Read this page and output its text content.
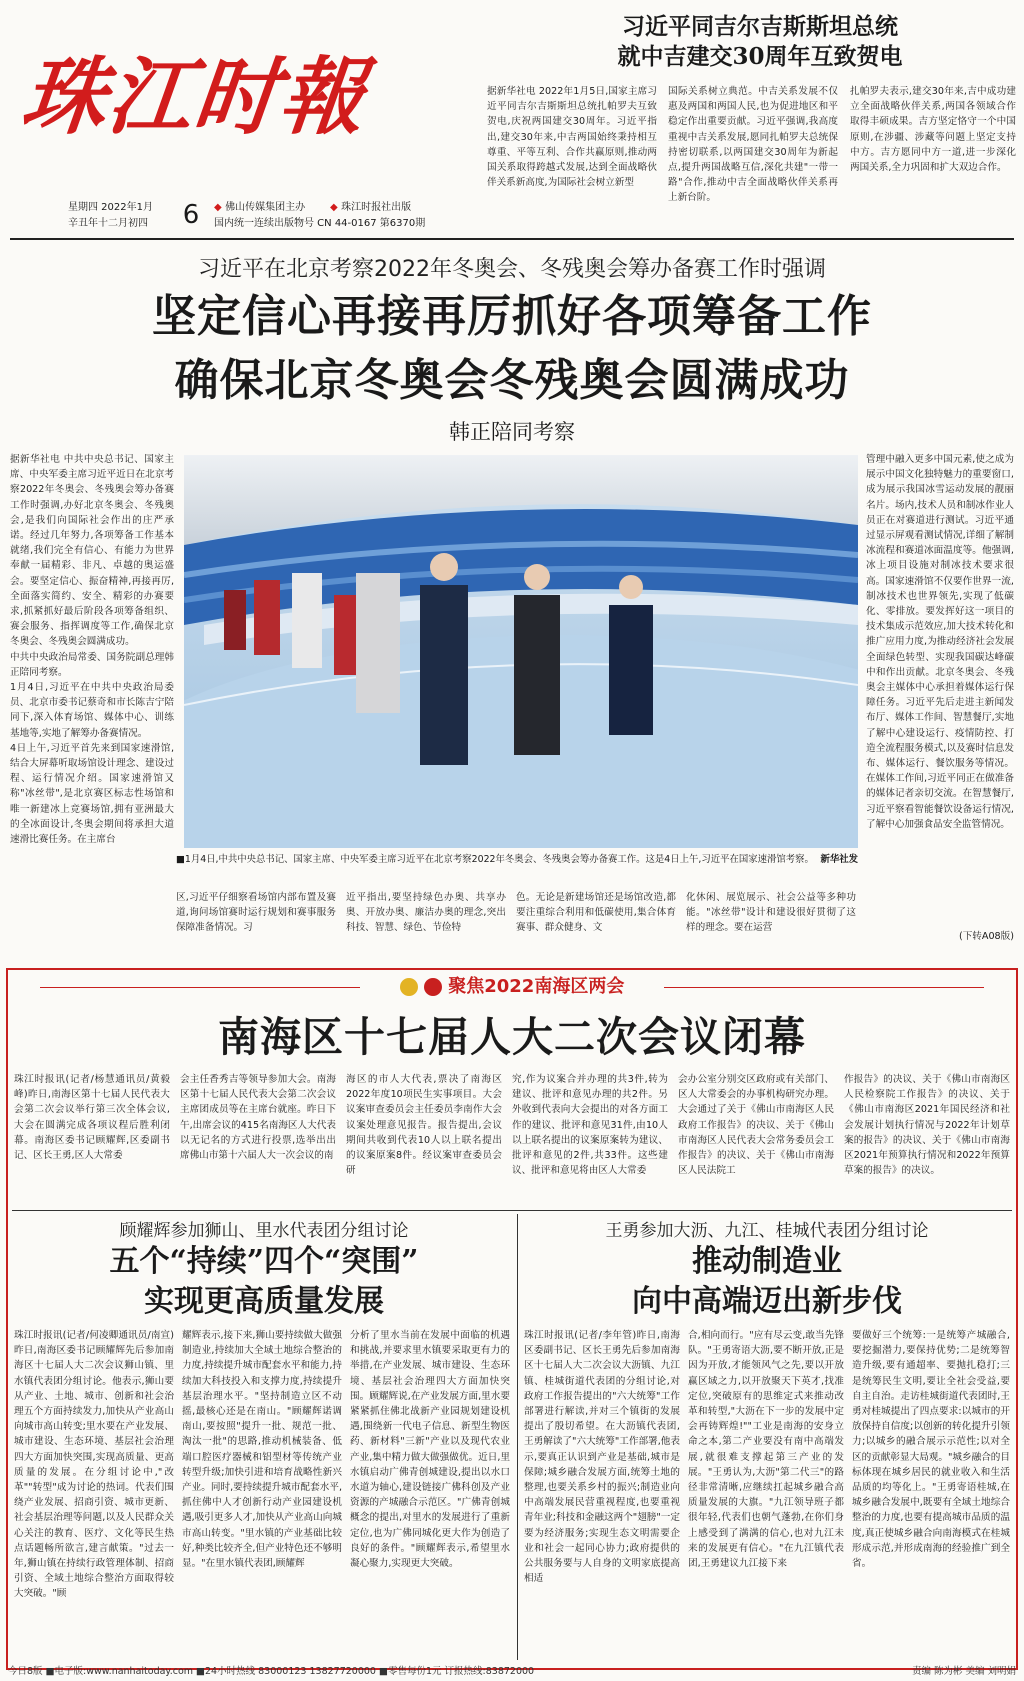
珠江时報
星期四 2022年1月
辛丑年十二月初四	6	◆ 佛山传媒集团主办	◆ 珠江时报社出版
国内统一连续出版物号 CN 44-0167 第6370期
习近平同吉尔吉斯斯坦总统
就中吉建交30周年互致贺电
据新华社电 2022年1月5日,国家主席习近平同吉尔吉斯斯坦总统扎帕罗夫互致贺电,庆祝两国建交30周年。习近平指出,建交30年来,中吉两国始终秉持相互尊重、平等互利、合作共赢原则,推动两国关系取得跨越式发展,达到全面战略伙伴关系新高度,为国际社会树立新型
国际关系树立典范。中吉关系发展不仅惠及两国和两国人民,也为促进地区和平稳定作出重要贡献。习近平强调,我高度重视中吉关系发展,愿同扎帕罗夫总统保持密切联系,以两国建交30周年为新起点,提升两国战略互信,深化共建"一带一路"合作,推动中吉全面战略伙伴关系再上新台阶。
扎帕罗夫表示,建交30年来,吉中成功建立全面战略伙伴关系,两国各领域合作取得丰硕成果。吉方坚定恪守一个中国原则,在涉疆、涉藏等问题上坚定支持中方。吉方愿同中方一道,进一步深化两国关系,全力巩固和扩大双边合作。
习近平在北京考察2022年冬奥会、冬残奥会筹办备赛工作时强调
坚定信心再接再厉抓好各项筹备工作
确保北京冬奥会冬残奥会圆满成功
韩正陪同考察
据新华社电 中共中央总书记、国家主席、中央军委主席习近平近日在北京考察2022年冬奥会、冬残奥会筹办备赛工作时强调,办好北京冬奥会、冬残奥会,是我们向国际社会作出的庄严承诺。经过几年努力,各项筹备工作基本就绪,我们完全有信心、有能力为世界奉献一届精彩、非凡、卓越的奥运盛会。要坚定信心、振奋精神,再接再厉,全面落实简约、安全、精彩的办赛要求,抓紧抓好最后阶段各项筹备组织、赛会服务、指挥调度等工作,确保北京冬奥会、冬残奥会圆满成功。
中共中央政治局常委、国务院副总理韩正陪同考察。
1月4日,习近平在中共中央政治局委员、北京市委书记蔡奇和市长陈吉宁陪同下,深入体育场馆、媒体中心、训练基地等,实地了解筹办备赛情况。
4日上午,习近平首先来到国家速滑馆,结合大屏幕听取场馆设计理念、建设过程、运行情况介绍。国家速滑馆又称"冰丝带",是北京赛区标志性场馆和唯一新建冰上竞赛场馆,拥有亚洲最大的全冰面设计,冬奥会期间将承担大道速滑比赛任务。在主席台
■1月4日,中共中央总书记、国家主席、中央军委主席习近平在北京考察2022年冬奥会、冬残奥会筹办备赛工作。这是4日上午,习近平在国家速滑馆考察。 新华社发
区,习近平仔细察看场馆内部布置及赛道,询问场馆赛时运行规划和赛事服务保障准备情况。习
近平指出,要坚持绿色办奥、共享办奥、开放办奥、廉洁办奥的理念,突出科技、智慧、绿色、节俭特
色。无论是新建场馆还是场馆改造,都要注重综合利用和低碳使用,集合体育赛事、群众健身、文
化休闲、展览展示、社会公益等多种功能。"冰丝带"设计和建设很好贯彻了这样的理念。要在运营
管理中融入更多中国元素,使之成为展示中国文化独特魅力的重要窗口,成为展示我国冰雪运动发展的靓丽名片。场内,技术人员和制冰作业人员正在对赛道进行测试。习近平通过显示屏观看测试情况,详细了解制冰流程和赛道冰面温度等。他强调,冰上项目设施对制冰技术要求很高。国家速滑馆不仅要作世界一流,制冰技术也世界领先,实现了低碳化、零排放。要发挥好这一项目的技术集成示范效应,加大技术转化和推广应用力度,为推动经济社会发展全面绿色转型、实现我国碳达峰碳中和作出贡献。北京冬奥会、冬残奥会主媒体中心承担着媒体运行保障任务。习近平先后走进主新闻发布厅、媒体工作间、智慧餐厅,实地了解中心建设运行、疫情防控、打造全流程服务模式,以及赛时信息发布、媒体运行、餐饮服务等情况。在媒体工作间,习近平同正在做准备的媒体记者亲切交流。在智慧餐厅,习近平察看智能餐饮设备运行情况,了解中心加强食品安全监管情况。
(下转A08版)
聚焦2022南海区两会
南海区十七届人大二次会议闭幕
珠江时报讯(记者/杨慧通讯员/黄毅峰)昨日,南海区第十七届人民代表大会第二次会议举行第三次全体会议,大会在圆满完成各项议程后胜利闭幕。南海区委书记顾耀辉,区委副书记、区长王勇,区人大常委
会主任香秀吉等领导参加大会。南海区第十七届人民代表大会第二次会议主席团成员等在主席台就座。昨日下午,出席会议的415名南海区人大代表以无记名的方式进行投票,选举出出席佛山市第十六届人大一次会议的南
海区的市人大代表,票决了南海区2022年度10项民生实事项目。大会议案审查委员会主任委员李南作大会议案处理意见报告。报告提出,会议期间共收到代表10人以上联名提出的议案原案8件。经议案审查委员会研
究,作为议案合并办理的共3件,转为建议、批评和意见办理的共2件。另外收到代表向大会提出的对各方面工作的建议、批评和意见31件,由10人以上联名提出的议案原案转为建议、批评和意见的2件,共33件。这些建议、批评和意见将由区人大常委
会办公室分别交区政府或有关部门、区人大常委会的办事机构研究办理。大会通过了关于《佛山市南海区人民政府工作报告》的决议、关于《佛山市南海区人民代表大会常务委员会工作报告》的决议、关于《佛山市南海区人民法院工
作报告》的决议、关于《佛山市南海区人民检察院工作报告》的决议、关于《佛山市南海区2021年国民经济和社会发展计划执行情况与2022年计划草案的报告》的决议、关于《佛山市南海区2021年预算执行情况和2022年预算草案的报告》的决议。
顾耀辉参加狮山、里水代表团分组讨论
五个“持续”四个“突围”
实现更高质量发展
珠江时报讯(记者/何凌卿通讯员/南宣)昨日,南海区委书记顾耀辉先后参加南海区十七届人大二次会议狮山镇、里水镇代表团分组讨论。他表示,狮山要从产业、土地、城市、创新和社会治理五个方面持续发力,加快从产业高山向城市高山转变;里水要在产业发展、城市建设、生态环境、基层社会治理四大方面加快突围,实现高质量、更高质量的发展。在分组讨论中,"改革""转型"成为讨论的热词。代表们围绕产业发展、招商引资、城市更新、社会基层治理等问题,以及人民群众关心关注的教育、医疗、文化等民生热点话题畅所欲言,建言献策。"过去一年,狮山镇在持续行政管理体制、招商引资、全域土地综合整治方面取得较大突破。"顾
耀辉表示,接下来,狮山要持续做大做强制造业,持续加大全域土地综合整治的力度,持续提升城市配套水平和能力,持续加大科技投入和支撑力度,持续提升基层治理水平。"坚持制造立区不动摇,最核心还是在南山。"顾耀辉诺调南山,要按照"提升一批、规范一批、淘汰一批"的思路,推动机械装备、低端口腔医疗器械和铝型材等传统产业转型升级;加快引进和培育战略性新兴产业。同时,要持续提升城市配套水平,抓住佛中人才创新行动产业园建设机遇,吸引更多人才,加快从产业高山向城市高山转变。"里水镇的产业基础比较好,种类比较齐全,但产业特色还不够明显。"在里水镇代表团,顾耀辉
分析了里水当前在发展中面临的机遇和挑战,并要求里水镇要采取更有力的举措,在产业发展、城市建设、生态环境、基层社会治理四大方面加快突围。顾耀辉说,在产业发展方面,里水要紧紧抓住佛北战新产业园规划建设机遇,围绕新一代电子信息、新型生物医药、新材料"三新"产业以及现代农业产业,集中精力做大做强做优。近日,里水镇启动广佛青创城建设,提出以水口水道为轴心,建设链接广佛科创及产业资源的产城融合示范区。"广佛青创城概念的提出,对里水的发展进行了重新定位,也为广佛同城化更大作为创造了良好的条件。"顾耀辉表示,希望里水凝心聚力,实现更大突破。
王勇参加大沥、九江、桂城代表团分组讨论
推动制造业
向中高端迈出新步伐
珠江时报讯(记者/李年管)昨日,南海区委副书记、区长王勇先后参加南海区十七届人大二次会议大沥镇、九江镇、桂城街道代表团的分组讨论,对政府工作报告提出的"六大统筹"工作部署进行解读,并对三个镇街的发展提出了殷切希望。在大沥镇代表团,王勇解读了"六大统筹"工作部署,他表示,要真正认识到产业是基础,城市是保障;城乡融合发展方面,统筹土地的整理,也要关系乡村的振兴;制造业向中高端发展民营重视程度,也要重视青年业;科技和金融这两个"翅膀"一定要为经济服务;实现生态文明需要企业和社会一起同心协力;政府提供的公共服务要与人自身的文明家底提高相适
合,相向而行。"应有尽云变,敢当先锋队。"王勇寄语大沥,要不断开放,正是因为开放,才能领风气之先,要以开放赢区域之力,以开放聚天下英才,找准定位,突破原有的思维定式来推动改革和转型,"大沥在下一步的发展中定会再铸辉煌!""工业是南海的安身立命之本,第二产业要没有南中高端发展,就很难支撑起第三产业的发展。"王勇认为,大沥"第二代三"的路径非常清晰,应继续扛起城乡融合高质量发展的大旗。"九江领导班子都很年轻,代表们也朝气蓬勃,在你们身上感受到了满满的信心,也对九江未来的发展更有信心。"在九江镇代表团,王勇建议九江接下来
要做好三个统筹:一是统筹产城融合,要挖掘潜力,要保持优势;二是统筹智造升级,要有通超率、要抛扎稳打;三是统筹民生文明,要让全社会受益,要自主自治。走访桂城街道代表团时,王勇对桂城提出了四点要求:以城市的开放保持自信度;以创新的转化提升引领力;以城乡的融合展示示范性;以对全区的贡献彰显大局观。"城乡融合的目标体现在城乡居民的就业收入和生活品质的均等化上。"王勇寄语桂城,在城乡融合发展中,既要有全域土地综合整治的力度,也要有提高城市品质的温度,真正使城乡融合向南海模式在桂城形成示范,并形成南海的经验推广到全省。
今日8版 ■电子版:www.nanhaitoday.com ■24小时热线 83000123 13827720000 ■零售每份1元 订报热线:83872000	责编 陈为彬 美编 刘明娟
